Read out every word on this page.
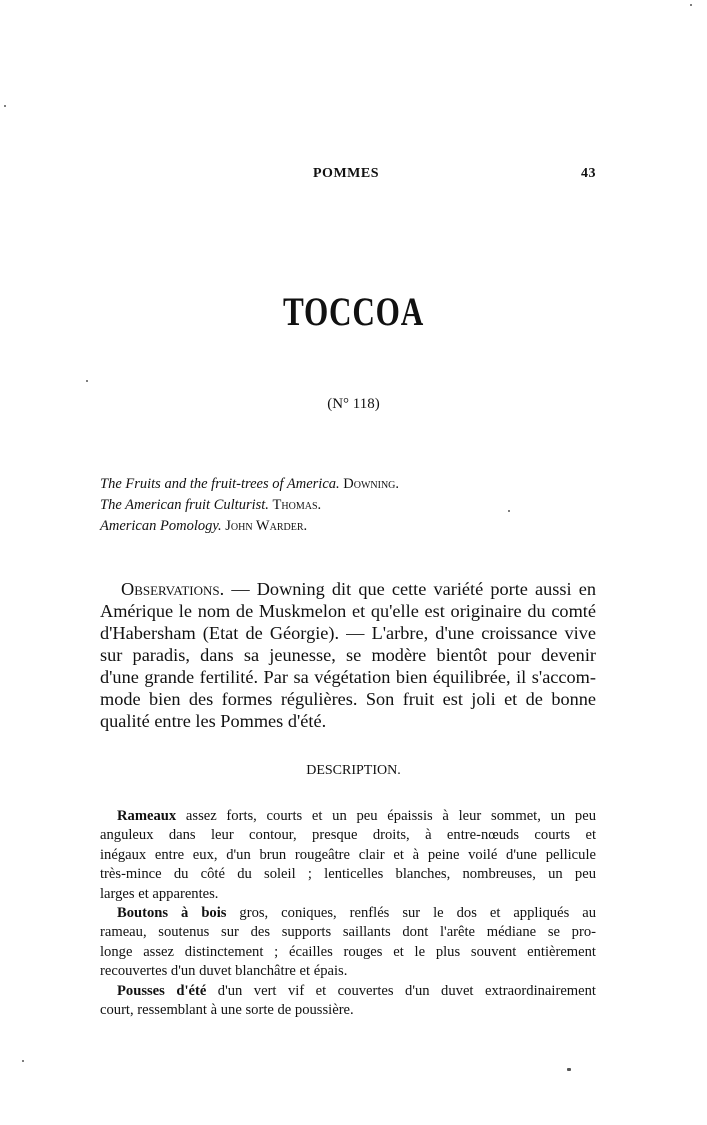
POMMES	43
TOCCOA
(N° 118)
The Fruits and the fruit-trees of America. Downing.
The American fruit Culturist. Thomas.
American Pomology. John Warder.
Observations. — Downing dit que cette variété porte aussi en
Amérique le nom de Muskmelon et qu'elle est originaire du comté
d'Habersham (Etat de Géorgie). — L'arbre, d'une croissance vive
sur paradis, dans sa jeunesse, se modère bientôt pour devenir
d'une grande fertilité. Par sa végétation bien équilibrée, il s'accom-
mode bien des formes régulières. Son fruit est joli et de bonne
qualité entre les Pommes d'été.
DESCRIPTION.
Rameaux assez forts, courts et un peu épaissis à leur sommet, un peu
anguleux dans leur contour, presque droits, à entre-nœuds courts et
inégaux entre eux, d'un brun rougeâtre clair et à peine voilé d'une pellicule
très-mince du côté du soleil ; lenticelles blanches, nombreuses, un peu
larges et apparentes.
Boutons à bois gros, coniques, renflés sur le dos et appliqués au
rameau, soutenus sur des supports saillants dont l'arête médiane se pro-
longe assez distinctement ; écailles rouges et le plus souvent entièrement
recouvertes d'un duvet blanchâtre et épais.
Pousses d'été d'un vert vif et couvertes d'un duvet extraordinairement
court, ressemblant à une sorte de poussière.
